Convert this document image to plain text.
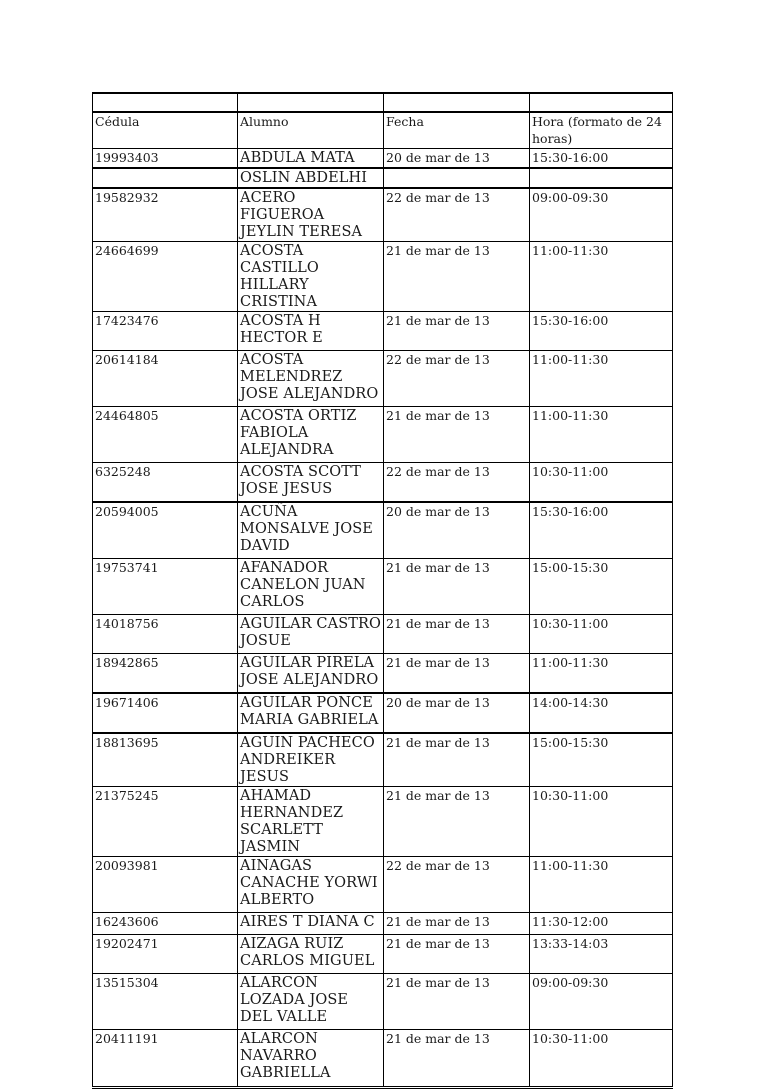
Cédula	Alumno	Fecha	Hora (formato de 24 horas)
19993403	ABDULA MATA	20 de mar de 13	15:30-16:00
	OSLIN ABDELHI		
19582932	ACERO FIGUEROA JEYLIN TERESA	22 de mar de 13	09:00-09:30
24664699	ACOSTA CASTILLO HILLARY CRISTINA	21 de mar de 13	11:00-11:30
17423476	ACOSTA H HECTOR E	21 de mar de 13	15:30-16:00
20614184	ACOSTA MELENDREZ JOSE ALEJANDRO	22 de mar de 13	11:00-11:30
24464805	ACOSTA ORTIZ FABIOLA ALEJANDRA	21 de mar de 13	11:00-11:30
6325248	ACOSTA SCOTT JOSE JESUS	22 de mar de 13	10:30-11:00
20594005	ACUÑA MONSALVE JOSE DAVID	20 de mar de 13	15:30-16:00
19753741	AFANADOR CANELON JUAN CARLOS	21 de mar de 13	15:00-15:30
14018756	AGUILAR CASTRO JOSUE	21 de mar de 13	10:30-11:00
18942865	AGUILAR PIRELA JOSE ALEJANDRO	21 de mar de 13	11:00-11:30
19671406	AGUILAR PONCE MARIA GABRIELA	20 de mar de 13	14:00-14:30
18813695	AGUIN PACHECO ANDREIKER JESUS	21 de mar de 13	15:00-15:30
21375245	AHAMAD HERNANDEZ SCARLETT JASMIN	21 de mar de 13	10:30-11:00
20093981	AINAGAS CANACHE YORWI ALBERTO	22 de mar de 13	11:00-11:30
16243606	AIRES T DIANA C	21 de mar de 13	11:30-12:00
19202471	AIZAGA RUIZ CARLOS MIGUEL	21 de mar de 13	13:33-14:03
13515304	ALARCON LOZADA JOSE DEL VALLE	21 de mar de 13	09:00-09:30
20411191	ALARCON NAVARRO GABRIELLA	21 de mar de 13	10:30-11:00
